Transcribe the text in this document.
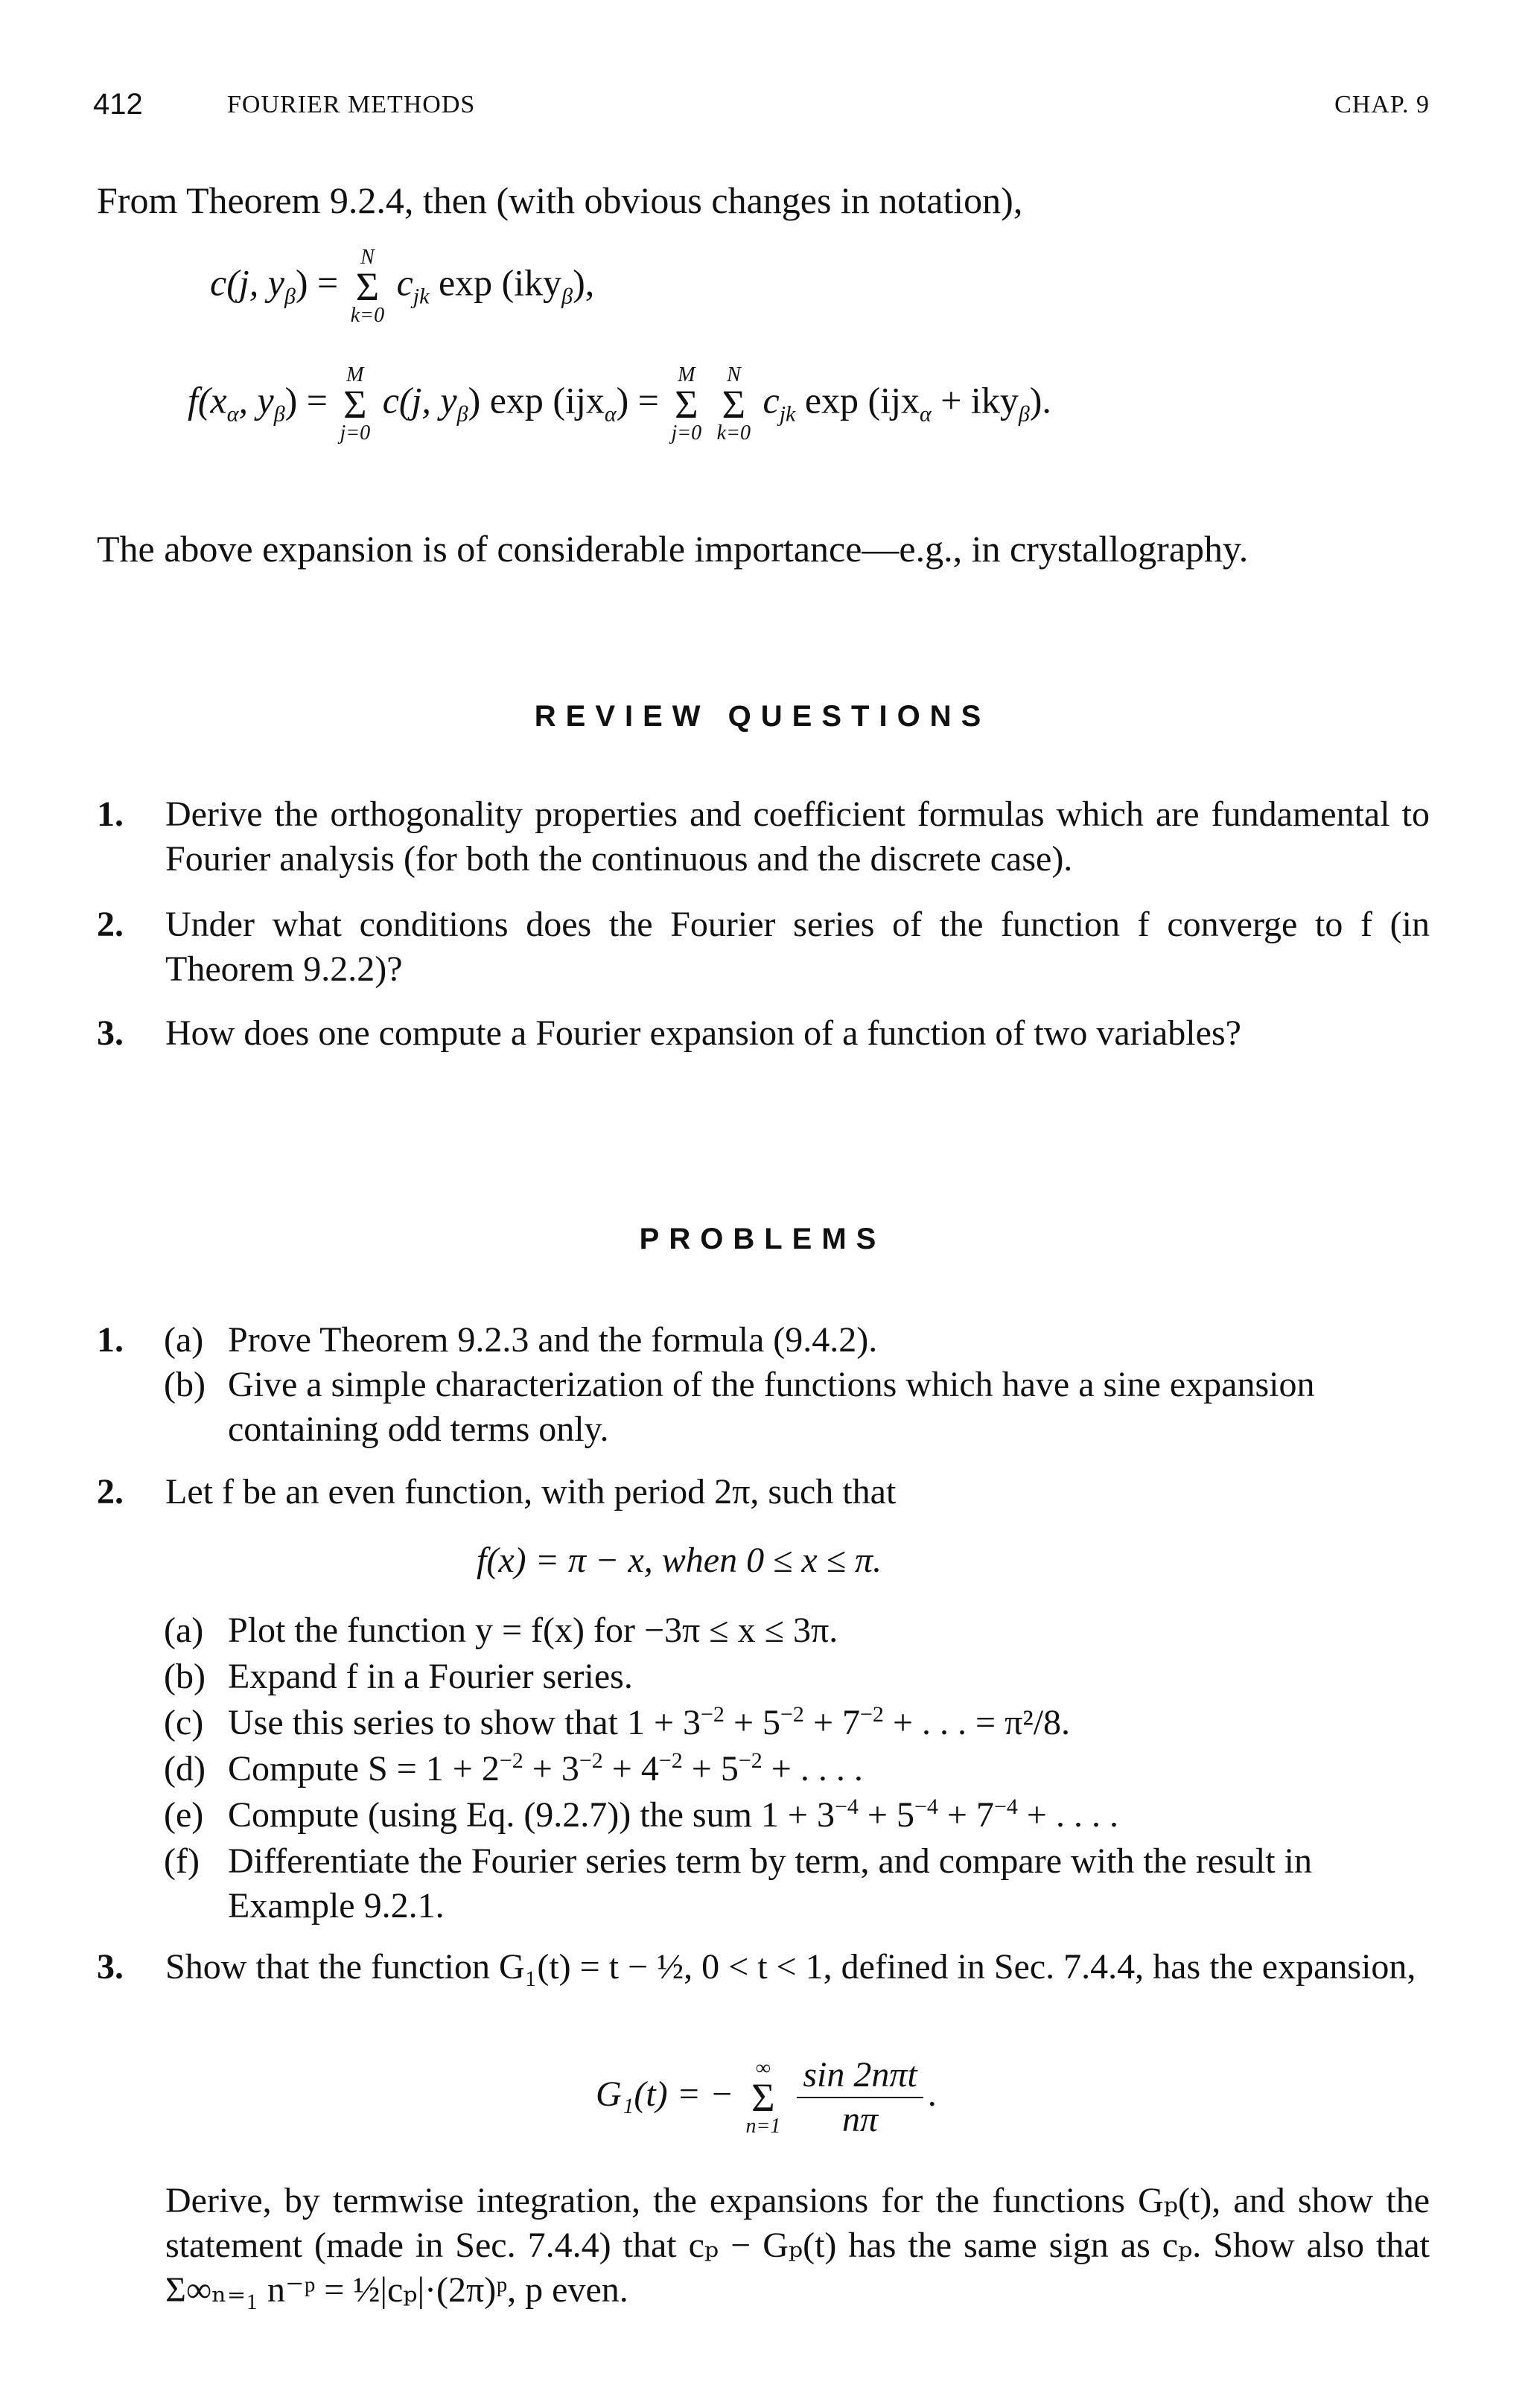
412	FOURIER METHODS	CHAP. 9
From Theorem 9.2.4, then (with obvious changes in notation),
c(j, $y_\beta$) =
N
Σ
k=0
$c_{jk}$ exp (iky$_\beta$),
$f(x_\alpha$, $y_\beta$) =
M
Σ
j=0
c(j, $y_\beta$) exp (ijx$_\alpha$) =
M
Σ
j=0

N
Σ
k=0
$c_{jk}$ exp (ijx$_\alpha$ + iky$_\beta$).
The above expansion is of considerable importance—e.g., in crystallography.
REVIEW QUESTIONS
1. Derive the orthogonality properties and coefficient formulas which are fundamental to Fourier analysis (for both the continuous and the discrete case).
2. Under what conditions does the Fourier series of the function f converge to f (in Theorem 9.2.2)?
3. How does one compute a Fourier expansion of a function of two variables?
PROBLEMS
1. (a) Prove Theorem 9.2.3 and the formula (9.4.2).
(b) Give a simple characterization of the functions which have a sine expansion containing odd terms only.
2. Let f be an even function, with period 2π, such that
f(x) = π − x, when 0 ≤ x ≤ π.
(a) Plot the function y = f(x) for −3π ≤ x ≤ 3π.
(b) Expand f in a Fourier series.
(c) Use this series to show that $1 + 3^{-2} + 5^{-2} + 7^{-2}$ + . . . = π²/8.
(d) Compute $S = 1 + 2^{-2} + 3^{-2} + 4^{-2} + 5^{-2}$ + . . . .
(e) Compute (using Eq. (9.2.7)) the sum $1 + 3^{-4} + 5^{-4} + 7^{-4}$ + . . . .
(f) Differentiate the Fourier series term by term, and compare with the result in Example 9.2.1.
3. Show that the function G₁(t) = t − ½, 0 < t < 1, defined in Sec. 7.4.4, has the expansion,
G₁(t) = −
∞
Σ
n=1
$\frac{\text{sin 2nπt}}{n\pi}$ .
Derive, by termwise integration, the expansions for the functions Gₚ(t), and show the statement (made in Sec. 7.4.4) that cₚ − Gₚ(t) has the same sign as cₚ. Show also that Σ∞ₙ₌₁ n⁻ᵖ = ½|cₚ|·(2π)ᵖ, p even.
